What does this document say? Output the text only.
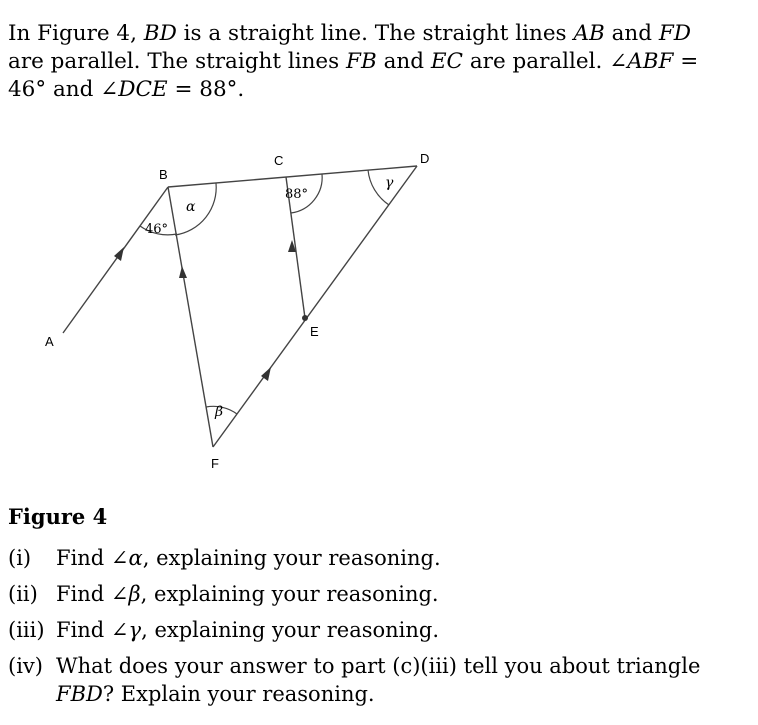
In Figure 4, BD is a straight line. The straight lines AB and FD are parallel. The straight lines FB and EC are parallel. ∠ABF = 46° and ∠DCE = 88°.

A
B
C	D
E
F
46°
88°
α
β
γ
Figure 4
(i) Find ∠α, explaining your reasoning.
(ii) Find ∠β, explaining your reasoning.
(iii) Find ∠γ, explaining your reasoning.
(iv) What does your answer to part (c)(iii) tell you about triangle FBD? Explain your reasoning.
